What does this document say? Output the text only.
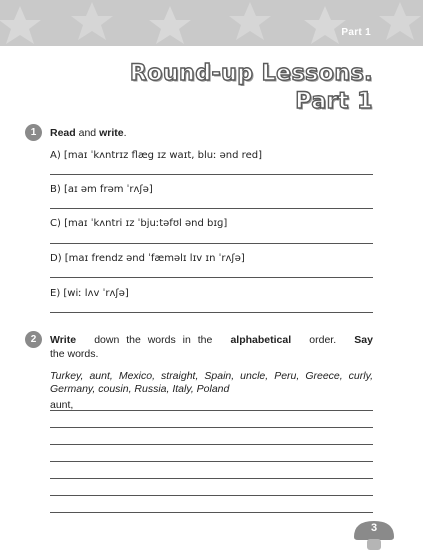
Part 1
Round-up Lessons.
Part 1
1	Read and write.
A) [maɪ ˈkʌntrɪz flæg ɪz waɪt, bluː ənd red]
B) [aɪ əm frəm ˈrʌʃə]
C) [maɪ ˈkʌntri ɪz ˈbjuːtəfʊl ənd bɪɡ]
D) [maɪ frendz ənd ˈfæməlɪ lɪv ɪn ˈrʌʃə]
E) [wiː lʌv ˈrʌʃə]
2	Write down the words in the alphabetical order. Say
the words.
Turkey, aunt, Mexico, straight, Spain, uncle, Peru, Greece, curly, Germany, cousin, Russia, Italy, Poland
aunt,
3
